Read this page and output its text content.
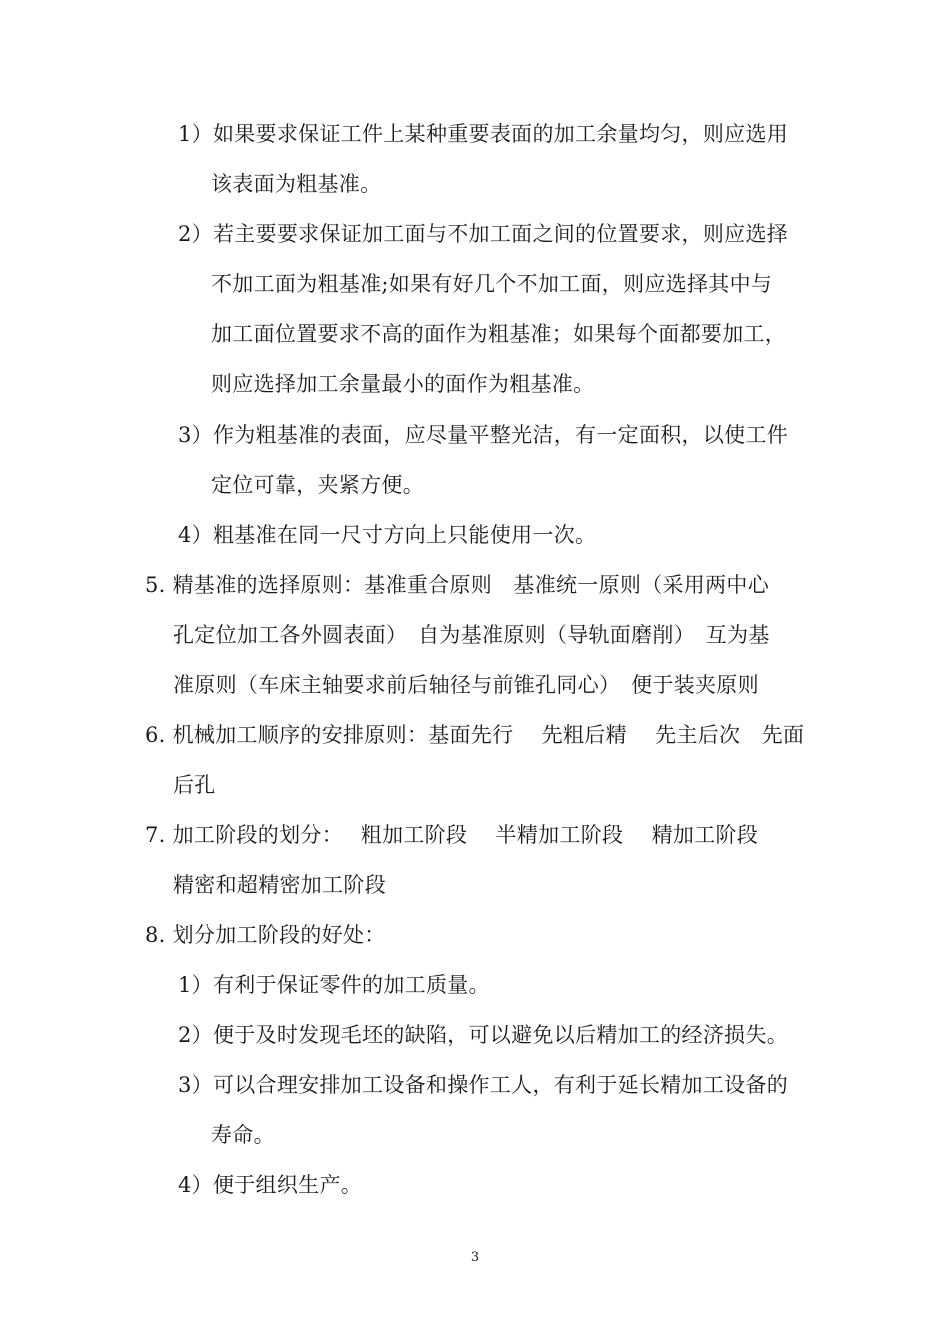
1）如果要求保证工件上某种重要表面的加工余量均匀，则应选用
该表面为粗基准。
2）若主要要求保证加工面与不加工面之间的位置要求，则应选择
不加工面为粗基准;如果有好几个不加工面，则应选择其中与
加工面位置要求不高的面作为粗基准；如果每个面都要加工，
则应选择加工余量最小的面作为粗基准。
3）作为粗基准的表面，应尽量平整光洁，有一定面积，以使工件
定位可靠，夹紧方便。
4）粗基准在同一尺寸方向上只能使用一次。
5. 精基准的选择原则：基准重合原则　基准统一原则（采用两中心
孔定位加工各外圆表面）　自为基准原则（导轨面磨削）　互为基
准原则（车床主轴要求前后轴径与前锥孔同心）　便于装夹原则
6. 机械加工顺序的安排原则：基面先行　 先粗后精　 先主后次　先面
后孔
7. 加工阶段的划分：　 粗加工阶段　 半精加工阶段　 精加工阶段
精密和超精密加工阶段
8. 划分加工阶段的好处：
1）有利于保证零件的加工质量。
2）便于及时发现毛坯的缺陷，可以避免以后精加工的经济损失。
3）可以合理安排加工设备和操作工人，有利于延长精加工设备的
寿命。
4）便于组织生产。
3
